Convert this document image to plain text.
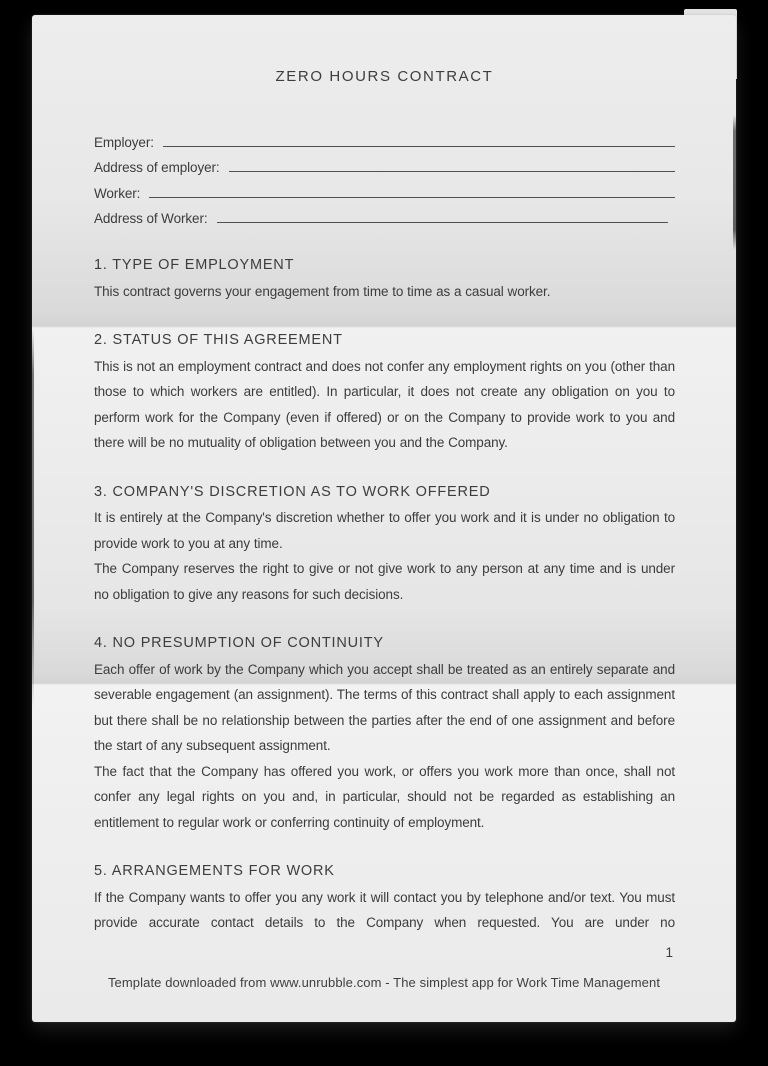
ZERO HOURS CONTRACT
Employer:
Address of employer:
Worker:
Address of Worker:
1. TYPE OF EMPLOYMENT

This contract governs your engagement from time to time as a casual worker.

2. STATUS OF THIS AGREEMENT

This is not an employment contract and does not confer any employment rights on you (other than those to which workers are entitled). In particular, it does not create any obligation on you to perform work for the Company (even if offered) or on the Company to provide work to you and there will be no mutuality of obligation between you and the Company.

3. COMPANY'S DISCRETION AS TO WORK OFFERED

It is entirely at the Company's discretion whether to offer you work and it is under no obligation to provide work to you at any time.

The Company reserves the right to give or not give work to any person at any time and is under no obligation to give any reasons for such decisions.

4. NO PRESUMPTION OF CONTINUITY

Each offer of work by the Company which you accept shall be treated as an entirely separate and severable engagement (an assignment). The terms of this contract shall apply to each assignment but there shall be no relationship between the parties after the end of one assignment and before the start of any subsequent assignment.

The fact that the Company has offered you work, or offers you work more than once, shall not confer any legal rights on you and, in particular, should not be regarded as establishing an entitlement to regular work or conferring continuity of employment.

5. ARRANGEMENTS FOR WORK

If the Company wants to offer you any work it will contact you by telephone and/or text. You must provide accurate contact details to the Company when requested. You are under no

1
Template downloaded from www.unrubble.com - The simplest app for Work Time Management
